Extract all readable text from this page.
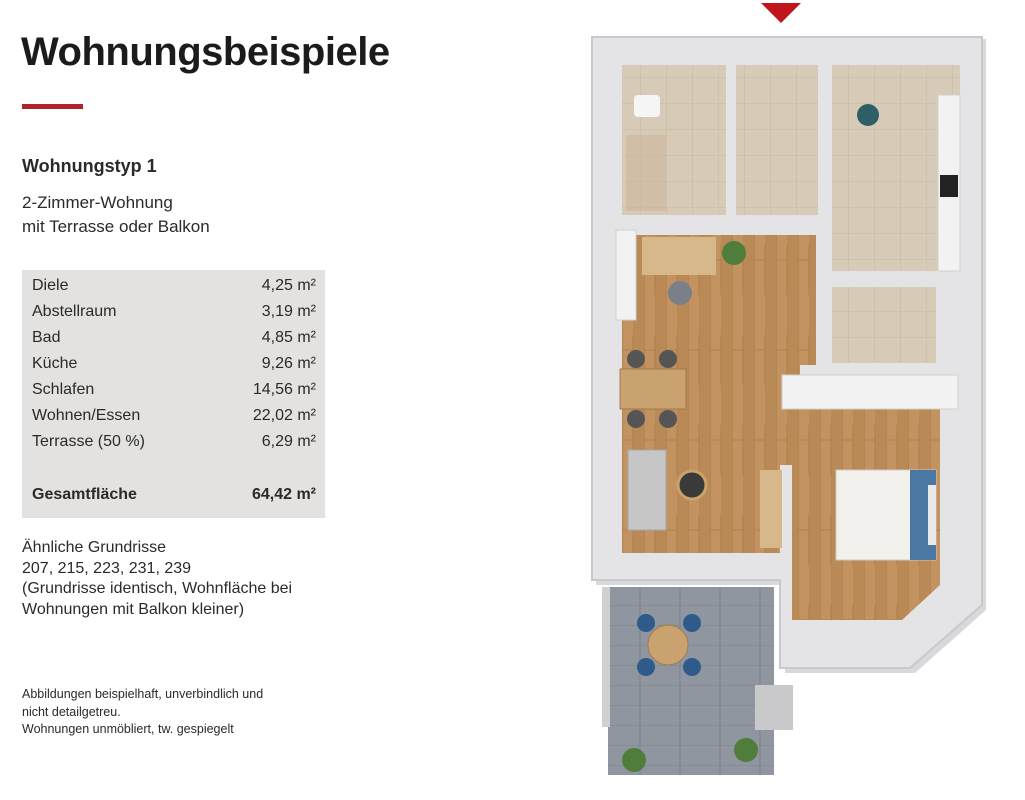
Wohnungsbeispiele
Wohnungstyp 1
2-Zimmer-Wohnung
mit Terrasse oder Balkon
Diele	4,25 m²
Abstellraum	3,19 m²
Bad	4,85 m²
Küche	9,26 m²
Schlafen	14,56 m²
Wohnen/Essen	22,02 m²
Terrasse (50 %)	6,29 m²
Gesamtfläche	64,42 m²
Ähnliche Grundrisse
207, 215, 223, 231, 239
(Grundrisse identisch, Wohnfläche bei
Wohnungen mit Balkon kleiner)
Abbildungen beispielhaft, unverbindlich und
nicht detailgetreu.
Wohnungen unmöbliert, tw. gespiegelt
